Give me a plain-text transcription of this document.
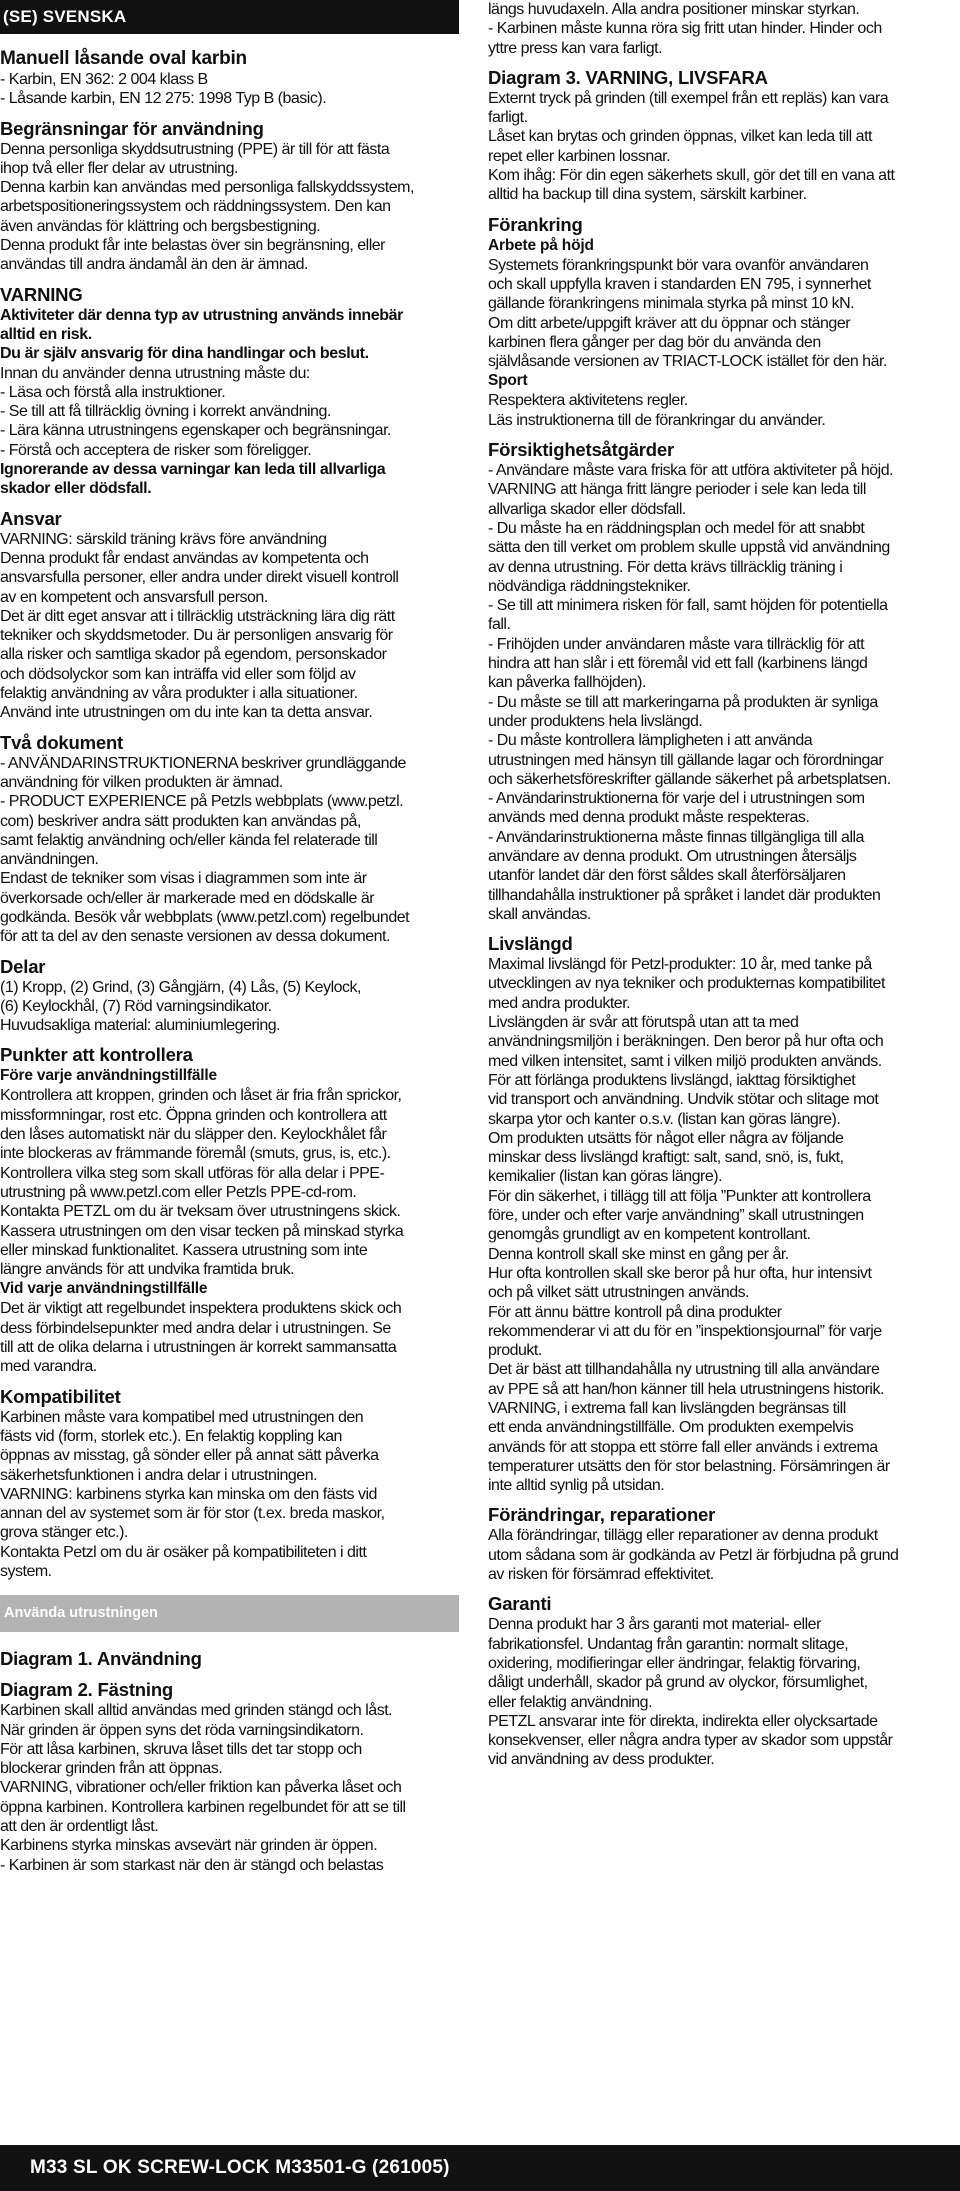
(SE) SVENSKA
Manuell låsande oval karbin

- Karbin, EN 362: 2 004 klass B
- Låsande karbin, EN 12 275: 1998 Typ B (basic).

Begränsningar för användning

Denna personliga skyddsutrustning (PPE) är till för att fästa
ihop två eller fler delar av utrustning.
Denna karbin kan användas med personliga fallskyddssystem,
arbetspositioneringssystem och räddningssystem. Den kan
även användas för klättring och bergsbestigning.
Denna produkt får inte belastas över sin begränsning, eller
användas till andra ändamål än den är ämnad.

VARNING

Aktiviteter där denna typ av utrustning används innebär
alltid en risk.
Du är själv ansvarig för dina handlingar och beslut.

Innan du använder denna utrustning måste du:
- Läsa och förstå alla instruktioner.
- Se till att få tillräcklig övning i korrekt användning.
- Lära känna utrustningens egenskaper och begränsningar.
- Förstå och acceptera de risker som föreligger.

Ignorerande av dessa varningar kan leda till allvarliga
skador eller dödsfall.

Ansvar

VARNING: särskild träning krävs före användning
Denna produkt får endast användas av kompetenta och
ansvarsfulla personer, eller andra under direkt visuell kontroll
av en kompetent och ansvarsfull person.
Det är ditt eget ansvar att i tillräcklig utsträckning lära dig rätt
tekniker och skyddsmetoder. Du är personligen ansvarig för
alla risker och samtliga skador på egendom, personskador
och dödsolyckor som kan inträffa vid eller som följd av
felaktig användning av våra produkter i alla situationer.
Använd inte utrustningen om du inte kan ta detta ansvar.

Två dokument

- ANVÄNDARINSTRUKTIONERNA beskriver grundläggande
användning för vilken produkten är ämnad.
- PRODUCT EXPERIENCE på Petzls webbplats (www.petzl.
com) beskriver andra sätt produkten kan användas på,
samt felaktig användning och/eller kända fel relaterade till
användningen.
Endast de tekniker som visas i diagrammen som inte är
överkorsade och/eller är markerade med en dödskalle är
godkända. Besök vår webbplats (www.petzl.com) regelbundet
för att ta del av den senaste versionen av dessa dokument.

Delar

(1) Kropp, (2) Grind, (3) Gångjärn, (4) Lås, (5) Keylock,
(6) Keylockhål, (7) Röd varningsindikator.
Huvudsakliga material: aluminiumlegering.

Punkter att kontrollera
Före varje användningstillfälle

Kontrollera att kroppen, grinden och låset är fria från sprickor,
missformningar, rost etc. Öppna grinden och kontrollera att
den låses automatiskt när du släpper den. Keylockhålet får
inte blockeras av främmande föremål (smuts, grus, is, etc.).
Kontrollera vilka steg som skall utföras för alla delar i PPE-
utrustning på www.petzl.com eller Petzls PPE-cd-rom.
Kontakta PETZL om du är tveksam över utrustningens skick.
Kassera utrustningen om den visar tecken på minskad styrka
eller minskad funktionalitet. Kassera utrustning som inte
längre används för att undvika framtida bruk.

Vid varje användningstillfälle

Det är viktigt att regelbundet inspektera produktens skick och
dess förbindelsepunkter med andra delar i utrustningen. Se
till att de olika delarna i utrustningen är korrekt sammansatta
med varandra.

Kompatibilitet

Karbinen måste vara kompatibel med utrustningen den
fästs vid (form, storlek etc.). En felaktig koppling kan
öppnas av misstag, gå sönder eller på annat sätt påverka
säkerhetsfunktionen i andra delar i utrustningen.
VARNING: karbinens styrka kan minska om den fästs vid
annan del av systemet som är för stor (t.ex. breda maskor,
grova stänger etc.).
Kontakta Petzl om du är osäker på kompatibiliteten i ditt
system.

Använda utrustningen
Diagram 1. Användning
Diagram 2. Fästning

Karbinen skall alltid användas med grinden stängd och låst.
När grinden är öppen syns det röda varningsindikatorn.
För att låsa karbinen, skruva låset tills det tar stopp och
blockerar grinden från att öppnas.
VARNING, vibrationer och/eller friktion kan påverka låset och
öppna karbinen. Kontrollera karbinen regelbundet för att se till
att den är ordentligt låst.
Karbinens styrka minskas avsevärt när grinden är öppen.
- Karbinen är som starkast när den är stängd och belastas

längs huvudaxeln. Alla andra positioner minskar styrkan.
- Karbinen måste kunna röra sig fritt utan hinder. Hinder och
yttre press kan vara farligt.

Diagram 3. VARNING, LIVSFARA

Externt tryck på grinden (till exempel från ett repläs) kan vara
farligt.
Låset kan brytas och grinden öppnas, vilket kan leda till att
repet eller karbinen lossnar.
Kom ihåg: För din egen säkerhets skull, gör det till en vana att
alltid ha backup till dina system, särskilt karbiner.

Förankring
Arbete på höjd

Systemets förankringspunkt bör vara ovanför användaren
och skall uppfylla kraven i standarden EN 795, i synnerhet
gällande förankringens minimala styrka på minst 10 kN.
Om ditt arbete/uppgift kräver att du öppnar och stänger
karbinen flera gånger per dag bör du använda den
självlåsande versionen av TRIACT-LOCK istället för den här.

Sport

Respektera aktivitetens regler.
Läs instruktionerna till de förankringar du använder.

Försiktighetsåtgärder

- Användare måste vara friska för att utföra aktiviteter på höjd.
VARNING att hänga fritt längre perioder i sele kan leda till
allvarliga skador eller dödsfall.
- Du måste ha en räddningsplan och medel för att snabbt
sätta den till verket om problem skulle uppstå vid användning
av denna utrustning. För detta krävs tillräcklig träning i
nödvändiga räddningstekniker.
- Se till att minimera risken för fall, samt höjden för potentiella
fall.
- Frihöjden under användaren måste vara tillräcklig för att
hindra att han slår i ett föremål vid ett fall (karbinens längd
kan påverka fallhöjden).
- Du måste se till att markeringarna på produkten är synliga
under produktens hela livslängd.
- Du måste kontrollera lämpligheten i att använda
utrustningen med hänsyn till gällande lagar och förordningar
och säkerhetsföreskrifter gällande säkerhet på arbetsplatsen.
- Användarinstruktionerna för varje del i utrustningen som
används med denna produkt måste respekteras.
- Användarinstruktionerna måste finnas tillgängliga till alla
användare av denna produkt. Om utrustningen återsäljs
utanför landet där den först såldes skall återförsäljaren
tillhandahålla instruktioner på språket i landet där produkten
skall användas.

Livslängd

Maximal livslängd för Petzl-produkter: 10 år, med tanke på
utvecklingen av nya tekniker och produkternas kompatibilitet
med andra produkter.
Livslängden är svår att förutspå utan att ta med
användningsmiljön i beräkningen. Den beror på hur ofta och
med vilken intensitet, samt i vilken miljö produkten används.
För att förlänga produktens livslängd, iakttag försiktighet
vid transport och användning. Undvik stötar och slitage mot
skarpa ytor och kanter o.s.v. (listan kan göras längre).
Om produkten utsätts för något eller några av följande
minskar dess livslängd kraftigt: salt, sand, snö, is, fukt,
kemikalier (listan kan göras längre).
För din säkerhet, i tillägg till att följa ”Punkter att kontrollera
före, under och efter varje användning” skall utrustningen
genomgås grundligt av en kompetent kontrollant.
Denna kontroll skall ske minst en gång per år.
Hur ofta kontrollen skall ske beror på hur ofta, hur intensivt
och på vilket sätt utrustningen används.
För att ännu bättre kontroll på dina produkter
rekommenderar vi att du för en ”inspektionsjournal” för varje
produkt.
Det är bäst att tillhandahålla ny utrustning till alla användare
av PPE så att han/hon känner till hela utrustningens historik.
VARNING, i extrema fall kan livslängden begränsas till
ett enda användningstillfälle. Om produkten exempelvis
används för att stoppa ett större fall eller används i extrema
temperaturer utsätts den för stor belastning. Försämringen är
inte alltid synlig på utsidan.

Förändringar, reparationer

Alla förändringar, tillägg eller reparationer av denna produkt
utom sådana som är godkända av Petzl är förbjudna på grund
av risken för försämrad effektivitet.

Garanti

Denna produkt har 3 års garanti mot material- eller
fabrikationsfel. Undantag från garantin: normalt slitage,
oxidering, modifieringar eller ändringar, felaktig förvaring,
dåligt underhåll, skador på grund av olyckor, försumlighet,
eller felaktig användning.
PETZL ansvarar inte för direkta, indirekta eller olycksartade
konsekvenser, eller några andra typer av skador som uppstår
vid användning av dess produkter.

M33 SL OK SCREW-LOCK M33501-G (261005)
